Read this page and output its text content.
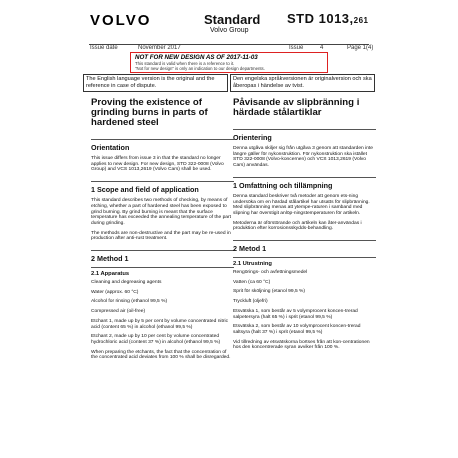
VOLVO	Standard
Volvo Group
STD 1013,261
Issue date	November 2017	Issue	4	Page 1(4)
NOT FOR NEW DESIGN AS OF 2017-11-03
This standard is valid when there is a reference to it.
"Not for new design" is only an indication to our design departments.
The English language version is the original and the reference in case of dispute.
Den engelska språkversionen är originalversion och ska åberopas i händelse av tvist.
Proving the existence of grinding burns in parts of hardened steel
Orientation
This issue differs from issue 3 in that the standard no longer applies to new design. For new design, STD 322-0008 (Volvo Group) and VCS 1013,2619 (Volvo Cars) shall be used.
1 Scope and field of application
This standard describes two methods of checking, by means of etching, whether a part of hardened steel has been exposed to grind burning. By grind burning is meant that the surface temperature has exceeded the annealing temperature of the part during grinding.
The methods are non-destructive and the part may be re-used in production after anti-rust treatment.
2 Method 1
2.1 Apparatus
Cleaning and degreasing agents
Water (approx. 60 °C)
Alcohol for rinsing (ethanol 99,5 %)
Compressed air (oil-free)
Etchant 1, made up by 5 per cent by volume concentrated nitric acid (content 65 %) in alcohol (ethanol 99,5 %)
Etchant 2, made up by 10 per cent by volume concentrated hydrochloric acid (content 37 %) in alcohol (ethanol 99,5 %)
When preparing the etchants, the fact that the concentration of the concentrated acid deviates from 100 % shall be disregarded.
Påvisande av slipbränning i härdade stålartiklar
Orientering
Denna utgåva skiljer sig från utgåva 3 genom att standarden inte längre gäller för nykonstruktion. För nykonstruktion ska istället STD 322-0008 (Volvo-koncernen) och VCS 1013,2619 (Volvo Cars) användas.
1 Omfattning och tillämpning
Denna standard beskriver två metoder att genom ets-ning undersöka om en härdad stålartikel har utsatts för slipbränning. Med slipbränning menas att ytempe-raturen i samband med slipning har överstigit anlöp-ningstemperaturen för artikeln.
Metoderna är oförstörande och artikeln kan åter-användas i produktion efter korrosionsskydds-behandling.
2 Metod 1
2.1 Utrustning
Rengörings- och avfettningsmedel
Vatten (ca 60 °C)
Sprit för sköljning (etanol 99,5 %)
Tryckluft (oljefri)
Etsvätska 1, som består av 5 volymprocent koncen-trerad salpetersyra (halt 65 %) i sprit (etanol 99,5 %)
Etsvätska 2, som består av 10 volymprocent koncen-trerad saltsyra (halt 37 %) i sprit (etanol 99,5 %)
Vid tillredning av etsvätskorna bortses från att kon-centrationen hos den koncentrerade syran avviker från 100 %.
